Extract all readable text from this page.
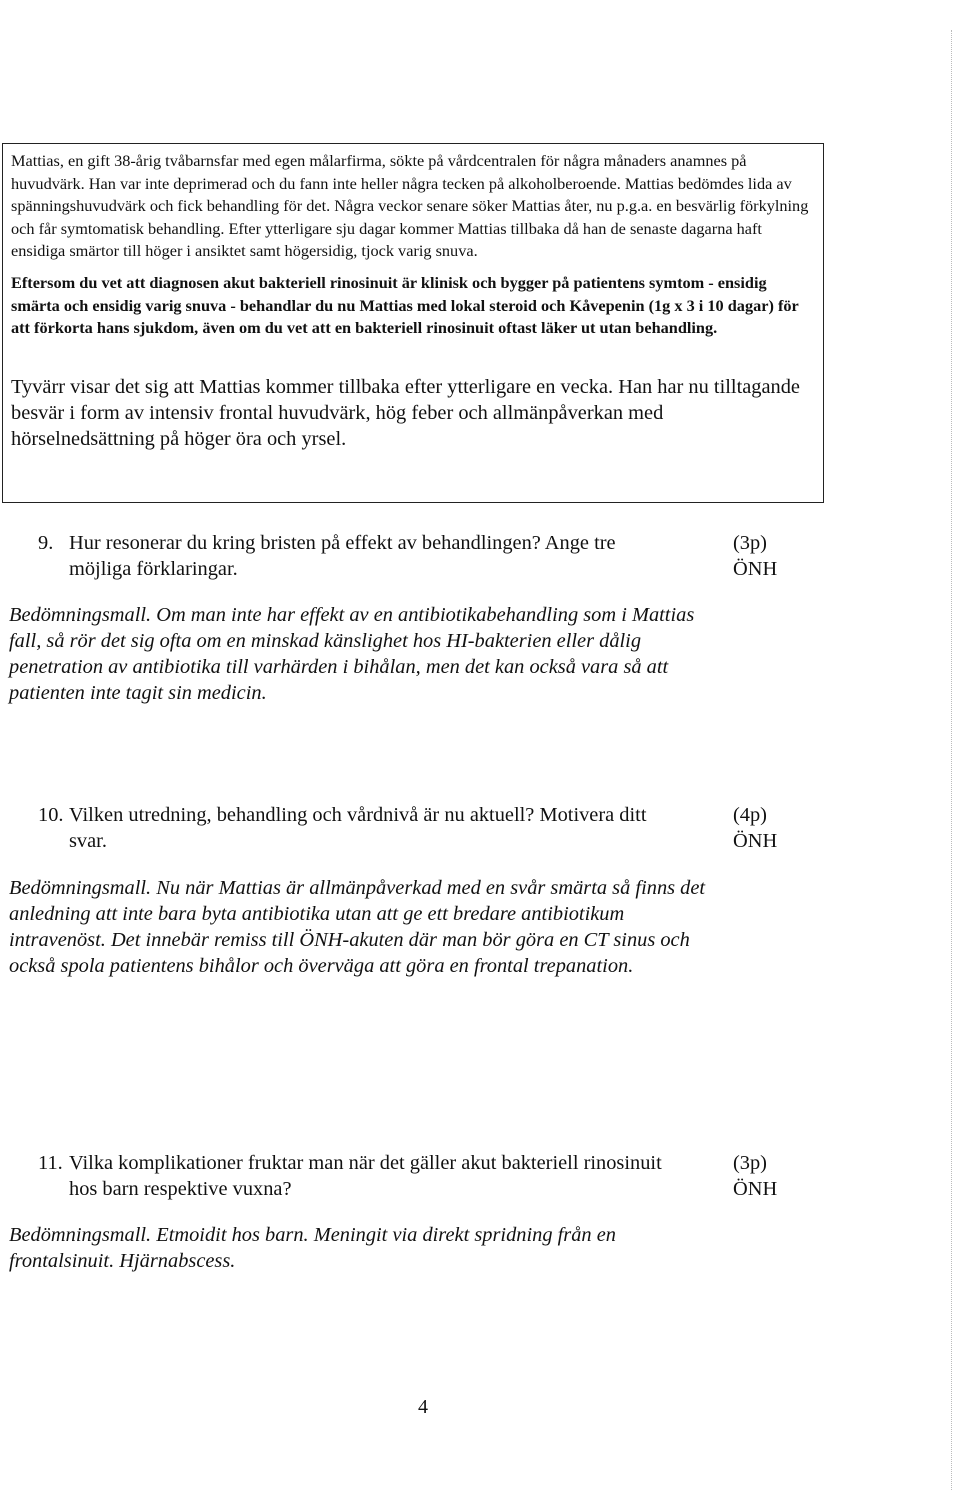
Mattias, en gift 38-årig tvåbarnsfar med egen målarfirma, sökte på vårdcentralen för några månaders anamnes på huvudvärk. Han var inte deprimerad och du fann inte heller några tecken på alkoholberoende. Mattias bedömdes lida av spänningshuvudvärk och fick behandling för det. Några veckor senare söker Mattias åter, nu p.g.a. en besvärlig förkylning och får symtomatisk behandling. Efter ytterligare sju dagar kommer Mattias tillbaka då han de senaste dagarna haft ensidiga smärtor till höger i ansiktet samt högersidig, tjock varig snuva.
Eftersom du vet att diagnosen akut bakteriell rinosinuit är klinisk och bygger på patientens symtom - ensidig smärta och ensidig varig snuva - behandlar du nu Mattias med lokal steroid och Kåvepenin (1g x 3 i 10 dagar) för att förkorta hans sjukdom, även om du vet att en bakteriell rinosinuit oftast läker ut utan behandling.
Tyvärr visar det sig att Mattias kommer tillbaka efter ytterligare en vecka. Han har nu tilltagande besvär i form av intensiv frontal huvudvärk, hög feber och allmänpåverkan med hörselnedsättning på höger öra och yrsel.
9. Hur resonerar du kring bristen på effekt av behandlingen? Ange tre möjliga förklaringar.
(3p)
ÖNH
Bedömningsmall. Om man inte har effekt av en antibiotikabehandling som i Mattias fall, så rör det sig ofta om en minskad känslighet hos HI-bakterien eller dålig penetration av antibiotika till varhärden i bihålan, men det kan också vara så att patienten inte tagit sin medicin.
10. Vilken utredning, behandling och vårdnivå är nu aktuell? Motivera ditt svar.
(4p)
ÖNH
Bedömningsmall. Nu när Mattias är allmänpåverkad med en svår smärta så finns det anledning att inte bara byta antibiotika utan att ge ett bredare antibiotikum intravenöst. Det innebär remiss till ÖNH-akuten där man bör göra en CT sinus och också spola patientens bihålor och överväga att göra en frontal trepanation.
11. Vilka komplikationer fruktar man när det gäller akut bakteriell rinosinuit hos barn respektive vuxna?
(3p)
ÖNH
Bedömningsmall. Etmoidit hos barn. Meningit via direkt spridning från en frontalsinuit. Hjärnabscess.
4
